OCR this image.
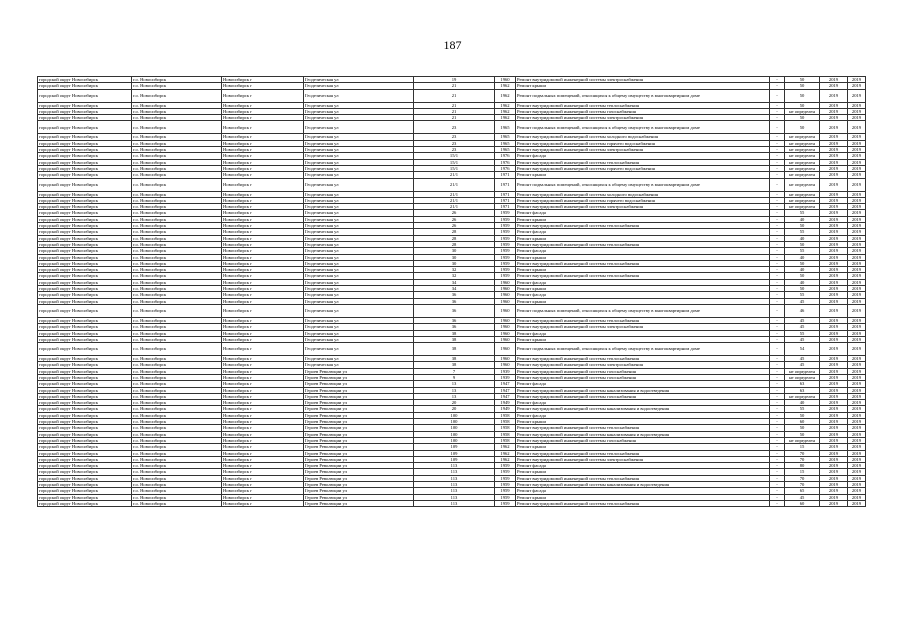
187
городской округ Новосибирск	г.о. Новосибирск	Новосибирск г	Геодезическая ул	19	1960	Ремонт внутридомовой инженерной системы электроснабжения	-	50	2019	2019
городской округ Новосибирск	г.о. Новосибирск	Новосибирск г	Геодезическая ул	21	1962	Ремонт крыши	-	50	2019	2019
городской округ Новосибирск	г.о. Новосибирск	Новосибирск г	Геодезическая ул	21	1962	Ремонт подвальных помещений, относящихся к общему имуществу в многоквартирном доме	-	50	2019	2019
городской округ Новосибирск	г.о. Новосибирск	Новосибирск г	Геодезическая ул	21	1962	Ремонт внутридомовой инженерной системы теплоснабжения	-	50	2019	2019
городской округ Новосибирск	г.о. Новосибирск	Новосибирск г	Геодезическая ул	21	1962	Ремонт внутридомовой инженерной системы газоснабжения	-	не определен	2019	2019
городской округ Новосибирск	г.о. Новосибирск	Новосибирск г	Геодезическая ул	21	1962	Ремонт внутридомовой инженерной системы электроснабжения	-	50	2019	2019
городской округ Новосибирск	г.о. Новосибирск	Новосибирск г	Геодезическая ул	23	1965	Ремонт подвальных помещений, относящихся к общему имуществу в многоквартирном доме	-	50	2019	2019
городской округ Новосибирск	г.о. Новосибирск	Новосибирск г	Геодезическая ул	23	1965	Ремонт внутридомовой инженерной системы холодного водоснабжения	-	не определен	2019	2019
городской округ Новосибирск	г.о. Новосибирск	Новосибирск г	Геодезическая ул	23	1965	Ремонт внутридомовой инженерной системы горячего водоснабжения	-	не определен	2019	2019
городской округ Новосибирск	г.о. Новосибирск	Новосибирск г	Геодезическая ул	23	1965	Ремонт внутридомовой инженерной системы электроснабжения	-	не определен	2019	2019
городской округ Новосибирск	г.о. Новосибирск	Новосибирск г	Геодезическая ул	15/1	1976	Ремонт фасада	-	не определен	2019	2019
городской округ Новосибирск	г.о. Новосибирск	Новосибирск г	Геодезическая ул	15/1	1976	Ремонт внутридомовой инженерной системы теплоснабжения	-	не определен	2019	2019
городской округ Новосибирск	г.о. Новосибирск	Новосибирск г	Геодезическая ул	15/1	1976	Ремонт внутридомовой инженерной системы горячего водоснабжения	-	не определен	2019	2019
городской округ Новосибирск	г.о. Новосибирск	Новосибирск г	Геодезическая ул	21/1	1971	Ремонт крыши	-	не определен	2019	2019
городской округ Новосибирск	г.о. Новосибирск	Новосибирск г	Геодезическая ул	21/1	1971	Ремонт подвальных помещений, относящихся к общему имуществу в многоквартирном доме	-	не определен	2019	2019
городской округ Новосибирск	г.о. Новосибирск	Новосибирск г	Геодезическая ул	21/1	1971	Ремонт внутридомовой инженерной системы холодного водоснабжения	-	не определен	2019	2019
городской округ Новосибирск	г.о. Новосибирск	Новосибирск г	Геодезическая ул	21/1	1971	Ремонт внутридомовой инженерной системы горячего водоснабжения	-	не определен	2019	2019
городской округ Новосибирск	г.о. Новосибирск	Новосибирск г	Геодезическая ул	21/1	1971	Ремонт внутридомовой инженерной системы электроснабжения	-	не определен	2019	2019
городской округ Новосибирск	г.о. Новосибирск	Новосибирск г	Геодезическая ул	26	1959	Ремонт фасада	-	55	2019	2019
городской округ Новосибирск	г.о. Новосибирск	Новосибирск г	Геодезическая ул	26	1959	Ремонт крыши	-	40	2019	2019
городской округ Новосибирск	г.о. Новосибирск	Новосибирск г	Геодезическая ул	26	1959	Ремонт внутридомовой инженерной системы теплоснабжения	-	50	2019	2019
городской округ Новосибирск	г.о. Новосибирск	Новосибирск г	Геодезическая ул	28	1959	Ремонт фасада	-	55	2019	2019
городской округ Новосибирск	г.о. Новосибирск	Новосибирск г	Геодезическая ул	28	1959	Ремонт крыши	-	40	2019	2019
городской округ Новосибирск	г.о. Новосибирск	Новосибирск г	Геодезическая ул	28	1959	Ремонт внутридомовой инженерной системы теплоснабжения	-	50	2019	2019
городской округ Новосибирск	г.о. Новосибирск	Новосибирск г	Геодезическая ул	30	1959	Ремонт фасада	-	55	2019	2019
городской округ Новосибирск	г.о. Новосибирск	Новосибирск г	Геодезическая ул	30	1959	Ремонт крыши	-	40	2019	2019
городской округ Новосибирск	г.о. Новосибирск	Новосибирск г	Геодезическая ул	30	1959	Ремонт внутридомовой инженерной системы теплоснабжения	-	50	2019	2019
городской округ Новосибирск	г.о. Новосибирск	Новосибирск г	Геодезическая ул	32	1959	Ремонт крыши	-	40	2019	2019
городской округ Новосибирск	г.о. Новосибирск	Новосибирск г	Геодезическая ул	32	1959	Ремонт внутридомовой инженерной системы теплоснабжения	-	50	2019	2019
городской округ Новосибирск	г.о. Новосибирск	Новосибирск г	Геодезическая ул	34	1960	Ремонт фасада	-	40	2019	2019
городской округ Новосибирск	г.о. Новосибирск	Новосибирск г	Геодезическая ул	34	1960	Ремонт крыши	-	50	2019	2019
городской округ Новосибирск	г.о. Новосибирск	Новосибирск г	Геодезическая ул	36	1960	Ремонт фасада	-	55	2019	2019
городской округ Новосибирск	г.о. Новосибирск	Новосибирск г	Геодезическая ул	36	1960	Ремонт крыши	-	45	2019	2019
городской округ Новосибирск	г.о. Новосибирск	Новосибирск г	Геодезическая ул	36	1960	Ремонт подвальных помещений, относящихся к общему имуществу в многоквартирном доме	-	46	2019	2019
городской округ Новосибирск	г.о. Новосибирск	Новосибирск г	Геодезическая ул	36	1960	Ремонт внутридомовой инженерной системы теплоснабжения	-	45	2019	2019
городской округ Новосибирск	г.о. Новосибирск	Новосибирск г	Геодезическая ул	36	1960	Ремонт внутридомовой инженерной системы электроснабжения	-	45	2019	2019
городской округ Новосибирск	г.о. Новосибирск	Новосибирск г	Геодезическая ул	38	1960	Ремонт фасада	-	55	2019	2019
городской округ Новосибирск	г.о. Новосибирск	Новосибирск г	Геодезическая ул	38	1960	Ремонт крыши	-	45	2019	2019
городской округ Новосибирск	г.о. Новосибирск	Новосибирск г	Геодезическая ул	38	1960	Ремонт подвальных помещений, относящихся к общему имуществу в многоквартирном доме	-	54	2019	2019
городской округ Новосибирск	г.о. Новосибирск	Новосибирск г	Геодезическая ул	38	1960	Ремонт внутридомовой инженерной системы теплоснабжения	-	45	2019	2019
городской округ Новосибирск	г.о. Новосибирск	Новосибирск г	Геодезическая ул	38	1960	Ремонт внутридомовой инженерной системы электроснабжения	-	45	2019	2019
городской округ Новосибирск	г.о. Новосибирск	Новосибирск г	Героев Революции ул	7	1939	Ремонт внутридомовой инженерной системы газоснабжения	-	не определен	2019	2019
городской округ Новосибирск	г.о. Новосибирск	Новосибирск г	Героев Революции ул	9	1939	Ремонт внутридомовой инженерной системы газоснабжения	-	не определен	2019	2019
городской округ Новосибирск	г.о. Новосибирск	Новосибирск г	Героев Революции ул	13	1947	Ремонт фасада	-	63	2019	2019
городской округ Новосибирск	г.о. Новосибирск	Новосибирск г	Героев Революции ул	13	1947	Ремонт внутридомовой инженерной системы канализования и водоотведения	-	63	2019	2019
городской округ Новосибирск	г.о. Новосибирск	Новосибирск г	Героев Революции ул	13	1947	Ремонт внутридомовой инженерной системы газоснабжения	-	не определен	2019	2019
городской округ Новосибирск	г.о. Новосибирск	Новосибирск г	Героев Революции ул	20	1949	Ремонт фасада	-	40	2019	2019
городской округ Новосибирск	г.о. Новосибирск	Новосибирск г	Героев Революции ул	20	1949	Ремонт внутридомовой инженерной системы канализования и водоотведения	-	55	2019	2019
городской округ Новосибирск	г.о. Новосибирск	Новосибирск г	Героев Революции ул	100	1958	Ремонт фасада	-	50	2019	2019
городской округ Новосибирск	г.о. Новосибирск	Новосибирск г	Героев Революции ул	100	1958	Ремонт крыши	-	60	2019	2019
городской округ Новосибирск	г.о. Новосибирск	Новосибирск г	Героев Революции ул	100	1958	Ремонт внутридомовой инженерной системы теплоснабжения	-	50	2019	2019
городской округ Новосибирск	г.о. Новосибирск	Новосибирск г	Героев Революции ул	100	1958	Ремонт внутридомовой инженерной системы канализования и водоотведения	-	50	2019	2019
городской округ Новосибирск	г.о. Новосибирск	Новосибирск г	Героев Революции ул	100	1958	Ремонт внутридомовой инженерной системы газоснабжения	-	не определен	2019	2019
городской округ Новосибирск	г.о. Новосибирск	Новосибирск г	Героев Революции ул	109	1962	Ремонт крыши	-	15	2019	2019
городской округ Новосибирск	г.о. Новосибирск	Новосибирск г	Героев Революции ул	109	1962	Ремонт внутридомовой инженерной системы теплоснабжения	-	70	2019	2019
городской округ Новосибирск	г.о. Новосибирск	Новосибирск г	Героев Революции ул	109	1962	Ремонт внутридомовой инженерной системы электроснабжения	-	70	2019	2019
городской округ Новосибирск	г.о. Новосибирск	Новосибирск г	Героев Революции ул	113	1959	Ремонт фасада	-	80	2019	2019
городской округ Новосибирск	г.о. Новосибирск	Новосибирск г	Героев Революции ул	113	1959	Ремонт крыши	-	15	2019	2019
городской округ Новосибирск	г.о. Новосибирск	Новосибирск г	Героев Революции ул	113	1959	Ремонт внутридомовой инженерной системы теплоснабжения	-	70	2019	2019
городской округ Новосибирск	г.о. Новосибирск	Новосибирск г	Героев Революции ул	113	1959	Ремонт внутридомовой инженерной системы канализования и водоотведения	-	70	2019	2019
городской округ Новосибирск	г.о. Новосибирск	Новосибирск г	Героев Революции ул	113	1959	Ремонт фасада	-	65	2019	2019
городской округ Новосибирск	г.о. Новосибирск	Новосибирск г	Героев Революции ул	113	1959	Ремонт крыши	-	45	2019	2019
городской округ Новосибирск	г.о. Новосибирск	Новосибирск г	Героев Революции ул	113	1959	Ремонт внутридомовой инженерной системы теплоснабжения	-	60	2019	2019
